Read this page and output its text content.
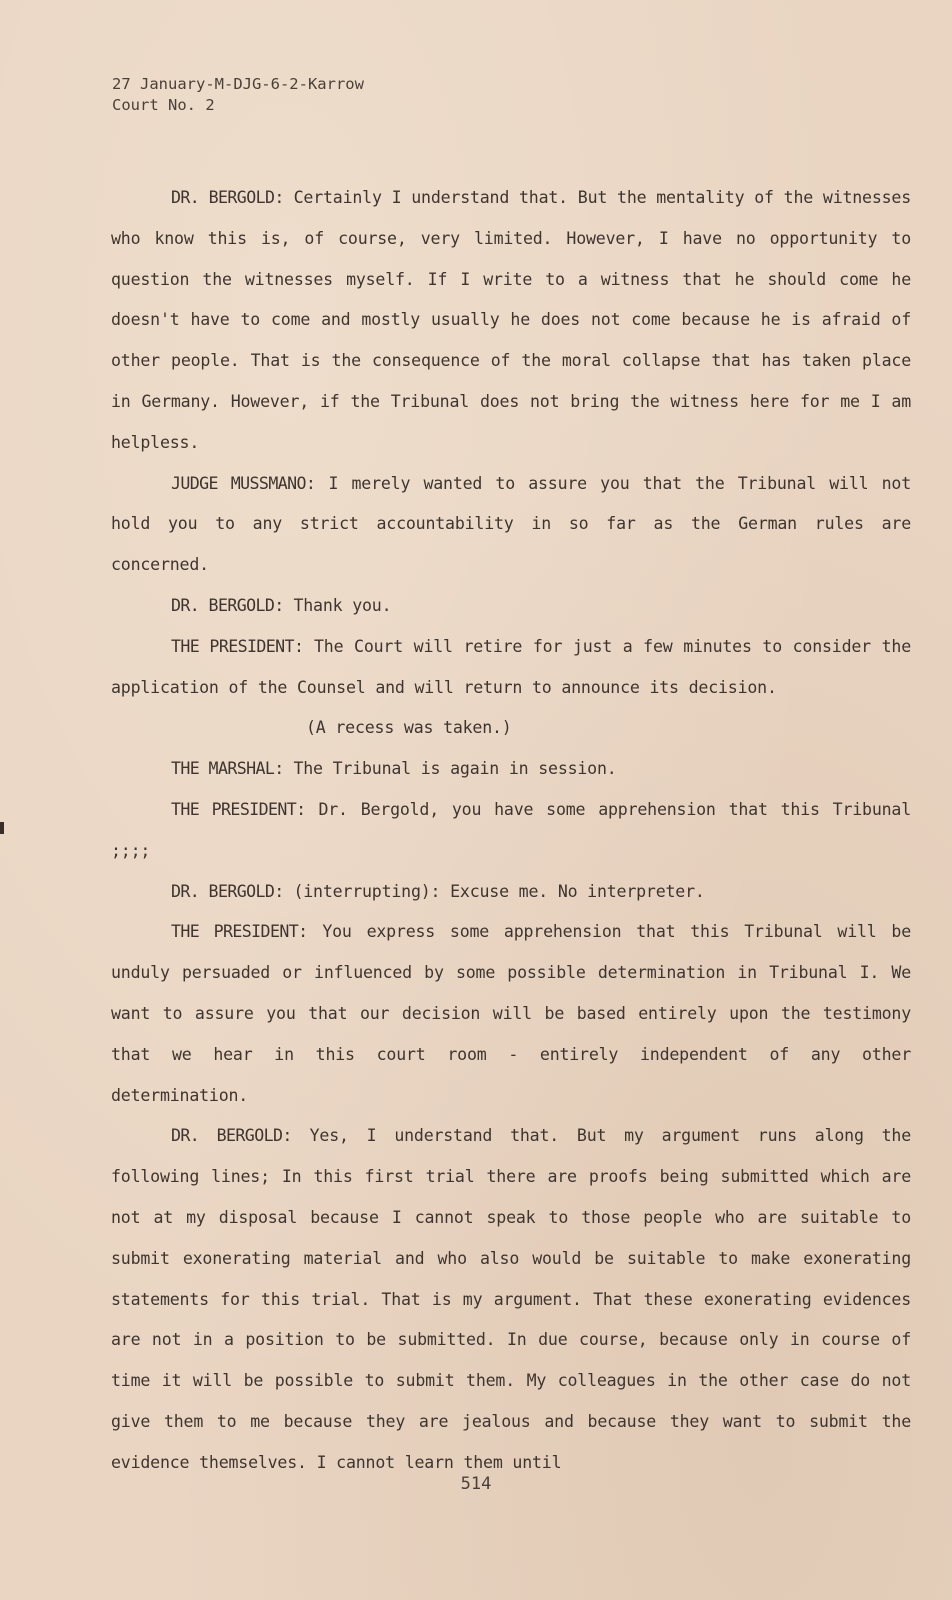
27 January-M-DJG-6-2-Karrow
Court No. 2

DR. BERGOLD: Certainly I understand that. But the mentality of the witnesses who know this is, of course, very limited. However, I have no opportunity to question the witnesses myself. If I write to a witness that he should come he doesn't have to come and mostly usually he does not come because he is afraid of other people. That is the consequence of the moral collapse that has taken place in Germany. However, if the Tribunal does not bring the witness here for me I am helpless.

JUDGE MUSSMANO: I merely wanted to assure you that the Tribunal will not hold you to any strict accountability in so far as the German rules are concerned.

DR. BERGOLD: Thank you.

THE PRESIDENT: The Court will retire for just a few minutes to consider the application of the Counsel and will return to announce its decision.

(A recess was taken.)

THE MARSHAL: The Tribunal is again in session.

THE PRESIDENT: Dr. Bergold, you have some apprehension that this Tribunal ;;;;

DR. BERGOLD: (interrupting): Excuse me. No interpreter.

THE PRESIDENT: You express some apprehension that this Tribunal will be unduly persuaded or influenced by some possible determination in Tribunal I. We want to assure you that our decision will be based entirely upon the testimony that we hear in this court room - entirely independent of any other determination.

DR. BERGOLD: Yes, I understand that. But my argument runs along the following lines; In this first trial there are proofs being submitted which are not at my disposal because I cannot speak to those people who are suitable to submit exonerating material and who also would be suitable to make exonerating statements for this trial. That is my argument. That these exonerating evidences are not in a position to be submitted. In due course, because only in course of time it will be possible to submit them. My colleagues in the other case do not give them to me because they are jealous and because they want to submit the evidence themselves. I cannot learn them until

514
